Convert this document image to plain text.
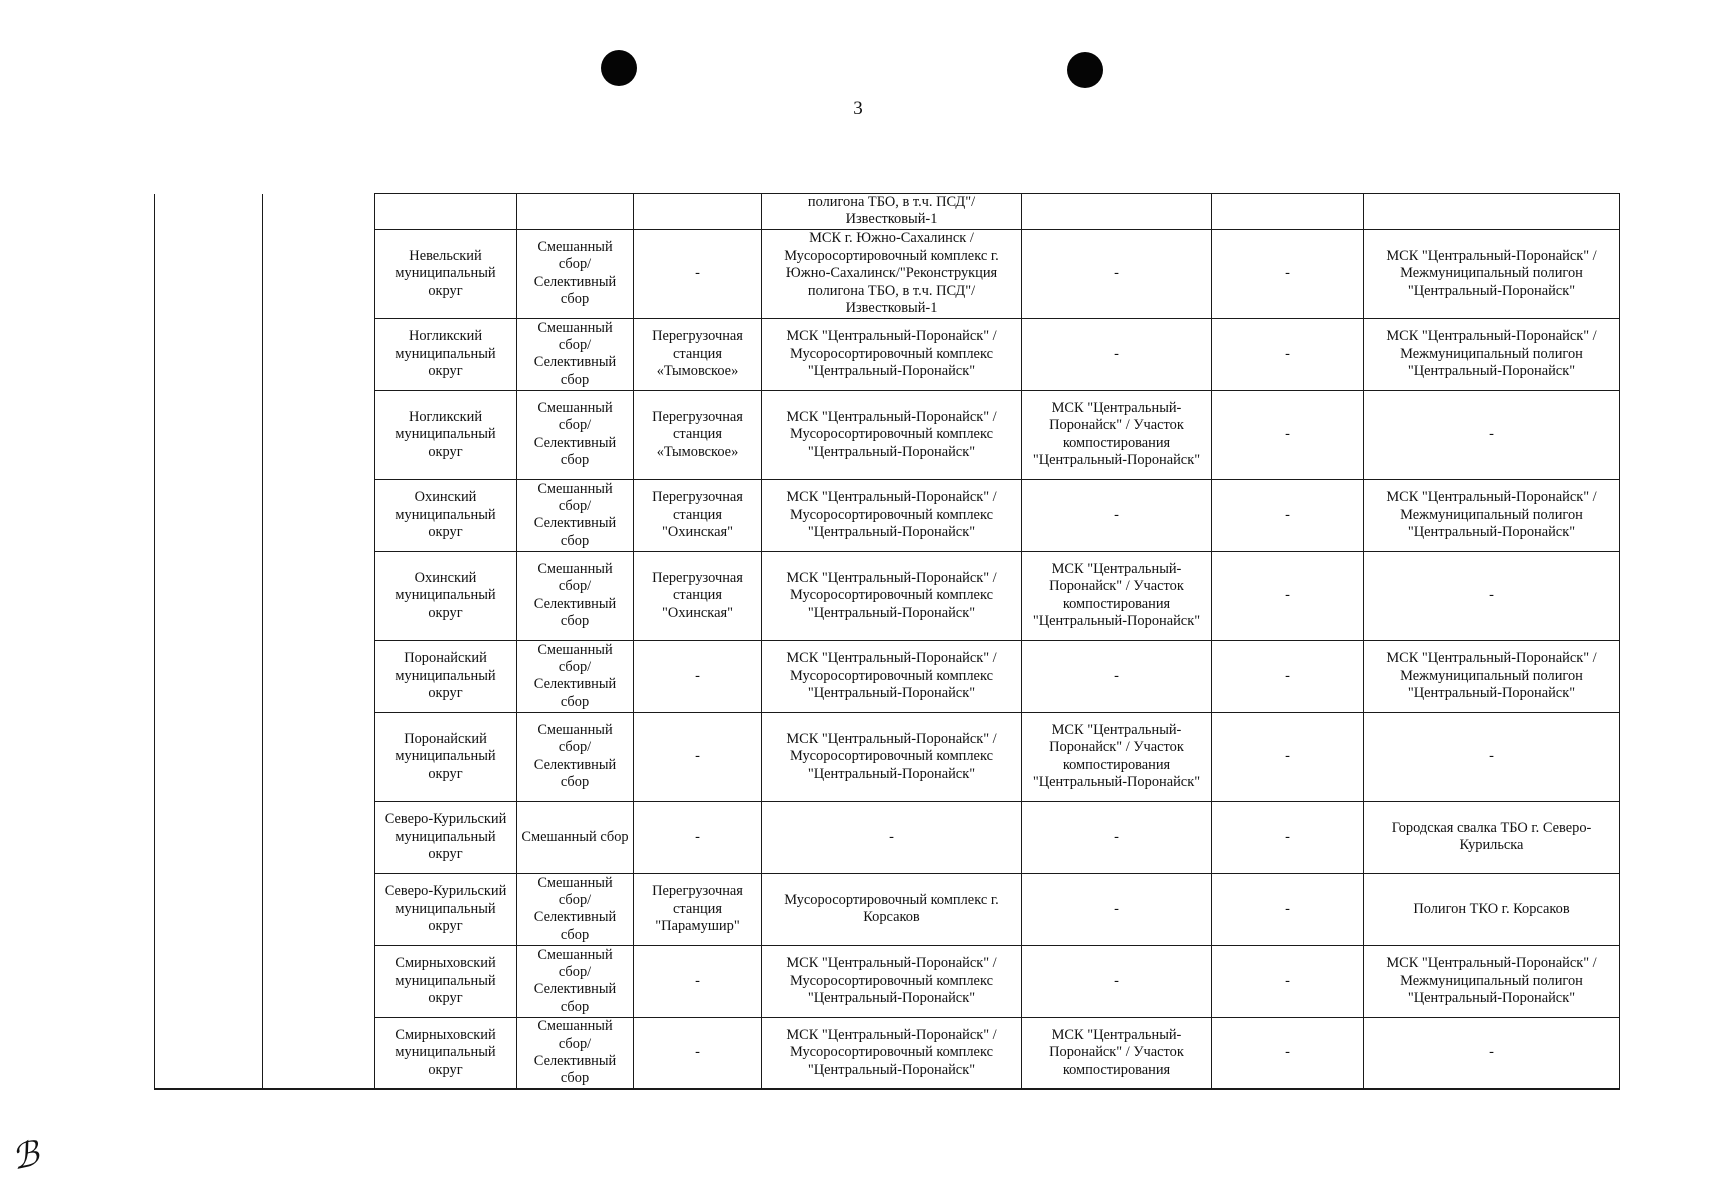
3
ℬ

					полигона ТБО, в т.ч. ПСД"/Известковый-1			

		Невельский муниципальный округ	Смешанный сбор/ Селективный сбор	-	МСК г. Южно-Сахалинск / Мусоросортировочный комплекс г. Южно-Сахалинск/"Реконструкция полигона ТБО, в т.ч. ПСД"/Известковый-1	-	-	МСК "Центральный-Поронайск" / Межмуниципальный полигон "Центральный-Поронайск"

		Ногликский муниципальный округ	Смешанный сбор/ Селективный сбор	Перегрузочная станция «Тымовское»	МСК "Центральный-Поронайск" / Мусоросортировочный комплекс "Центральный-Поронайск"	-	-	МСК "Центральный-Поронайск" / Межмуниципальный полигон "Центральный-Поронайск"

		Ногликский муниципальный округ	Смешанный сбор/ Селективный сбор	Перегрузочная станция «Тымовское»	МСК "Центральный-Поронайск" / Мусоросортировочный комплекс "Центральный-Поронайск"	МСК "Центральный-Поронайск" / Участок компостирования "Центральный-Поронайск"	-	-

		Охинский муниципальный округ	Смешанный сбор/ Селективный сбор	Перегрузочная станция "Охинская"	МСК "Центральный-Поронайск" / Мусоросортировочный комплекс "Центральный-Поронайск"	-	-	МСК "Центральный-Поронайск" / Межмуниципальный полигон "Центральный-Поронайск"

		Охинский муниципальный округ	Смешанный сбор/ Селективный сбор	Перегрузочная станция "Охинская"	МСК "Центральный-Поронайск" / Мусоросортировочный комплекс "Центральный-Поронайск"	МСК "Центральный-Поронайск" / Участок компостирования "Центральный-Поронайск"	-	-

		Поронайский муниципальный округ	Смешанный сбор/ Селективный сбор	-	МСК "Центральный-Поронайск" / Мусоросортировочный комплекс "Центральный-Поронайск"	-	-	МСК "Центральный-Поронайск" / Межмуниципальный полигон "Центральный-Поронайск"

		Поронайский муниципальный округ	Смешанный сбор/ Селективный сбор	-	МСК "Центральный-Поронайск" / Мусоросортировочный комплекс "Центральный-Поронайск"	МСК "Центральный-Поронайск" / Участок компостирования "Центральный-Поронайск"	-	-

		Северо-Курильский муниципальный округ	Смешанный сбор	-	-	-	-	Городская свалка ТБО г. Северо-Курильска

		Северо-Курильский муниципальный округ	Смешанный сбор/ Селективный сбор	Перегрузочная станция "Парамушир"	Мусоросортировочный комплекс г. Корсаков	-	-	Полигон ТКО г. Корсаков

		Смирныховский муниципальный округ	Смешанный сбор/ Селективный сбор	-	МСК "Центральный-Поронайск" / Мусоросортировочный комплекс "Центральный-Поронайск"	-	-	МСК "Центральный-Поронайск" / Межмуниципальный полигон "Центральный-Поронайск"

		Смирныховский муниципальный округ	Смешанный сбор/ Селективный сбор	-	МСК "Центральный-Поронайск" / Мусоросортировочный комплекс "Центральный-Поронайск"	МСК "Центральный-Поронайск" / Участок компостирования	-	-
